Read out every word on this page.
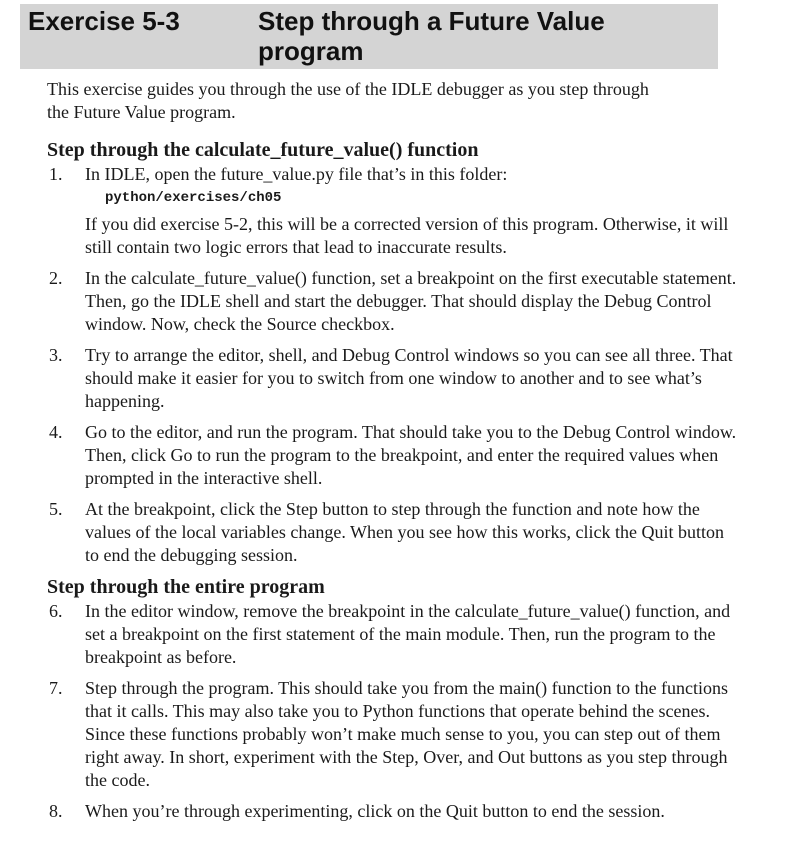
Exercise 5-3	Step through a Future Value program

This exercise guides you through the use of the IDLE debugger as you step through the Future Value program.

Step through the calculate_future_value() function
1. In IDLE, open the future_value.py file that’s in this folder:

python/exercises/ch05

If you did exercise 5-2, this will be a corrected version of this program. Otherwise, it will still contain two logic errors that lead to inaccurate results.

2. In the calculate_future_value() function, set a breakpoint on the first executable statement. Then, go the IDLE shell and start the debugger. That should display the Debug Control window. Now, check the Source checkbox.

3. Try to arrange the editor, shell, and Debug Control windows so you can see all three. That should make it easier for you to switch from one window to another and to see what’s happening.

4. Go to the editor, and run the program. That should take you to the Debug Control window. Then, click Go to run the program to the breakpoint, and enter the required values when prompted in the interactive shell.

5. At the breakpoint, click the Step button to step through the function and note how the values of the local variables change. When you see how this works, click the Quit button to end the debugging session.

Step through the entire program
6. In the editor window, remove the breakpoint in the calculate_future_value() function, and set a breakpoint on the first statement of the main module. Then, run the program to the breakpoint as before.

7. Step through the program. This should take you from the main() function to the functions that it calls. This may also take you to Python functions that operate behind the scenes. Since these functions probably won’t make much sense to you, you can step out of them right away. In short, experiment with the Step, Over, and Out buttons as you step through the code.

8. When you’re through experimenting, click on the Quit button to end the session.
